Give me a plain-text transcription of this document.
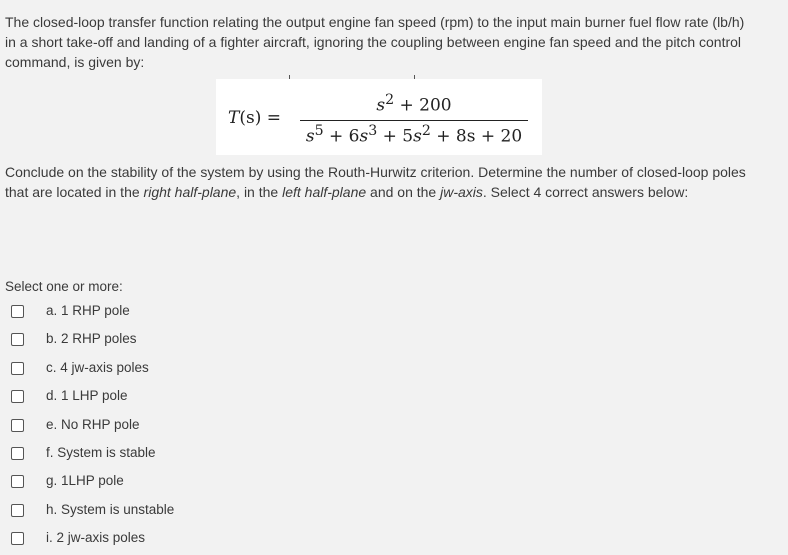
The closed-loop transfer function relating the output engine fan speed (rpm) to the input main burner fuel flow rate (lb/h) in a short take-off and landing of a fighter aircraft, ignoring the coupling between engine fan speed and the pitch control command, is given by:
T(s) =
$s^2 + 200$
$s^5 + 6s^3 + 5s^2 + 8s + 20$
Conclude on the stability of the system by using the Routh-Hurwitz criterion. Determine the number of closed-loop poles that are located in the right half-plane, in the left half-plane and on the jw-axis. Select 4 correct answers below:
Select one or more:
a. 1 RHP pole
b. 2 RHP poles
c. 4 jw-axis poles
d. 1 LHP pole
e. No RHP pole
f. System is stable
g. 1LHP pole
h. System is unstable
i. 2 jw-axis poles
